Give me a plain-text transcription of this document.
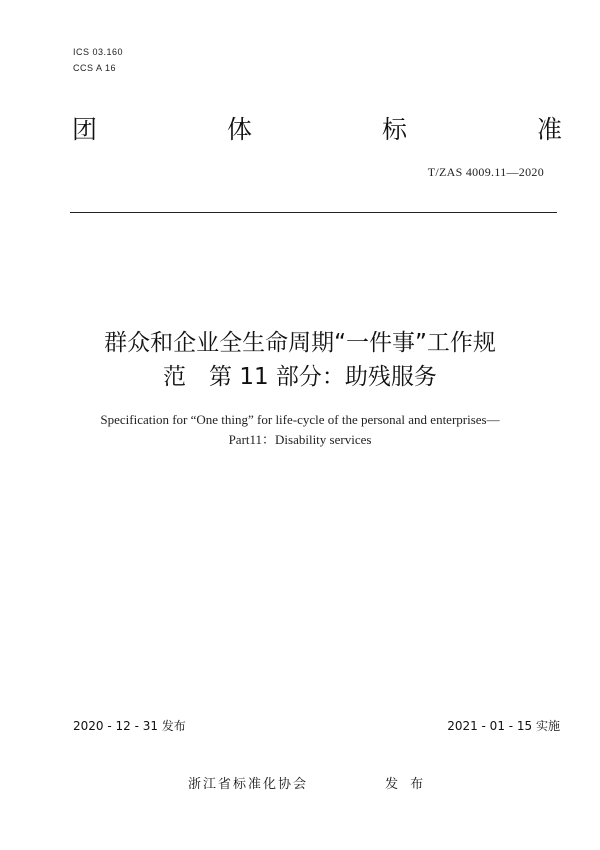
ICS 03.160
CCS A 16
团	体	标	准
T/ZAS 4009.11—2020
群众和企业全生命周期“一件事”工作规
范　第 11 部分：助残服务
Specification for “One thing” for life-cycle of the personal and enterprises—
Part11：Disability services
2020 - 12 - 31 发布	2021 - 01 - 15 实施
浙江省标准化协会	发 布
